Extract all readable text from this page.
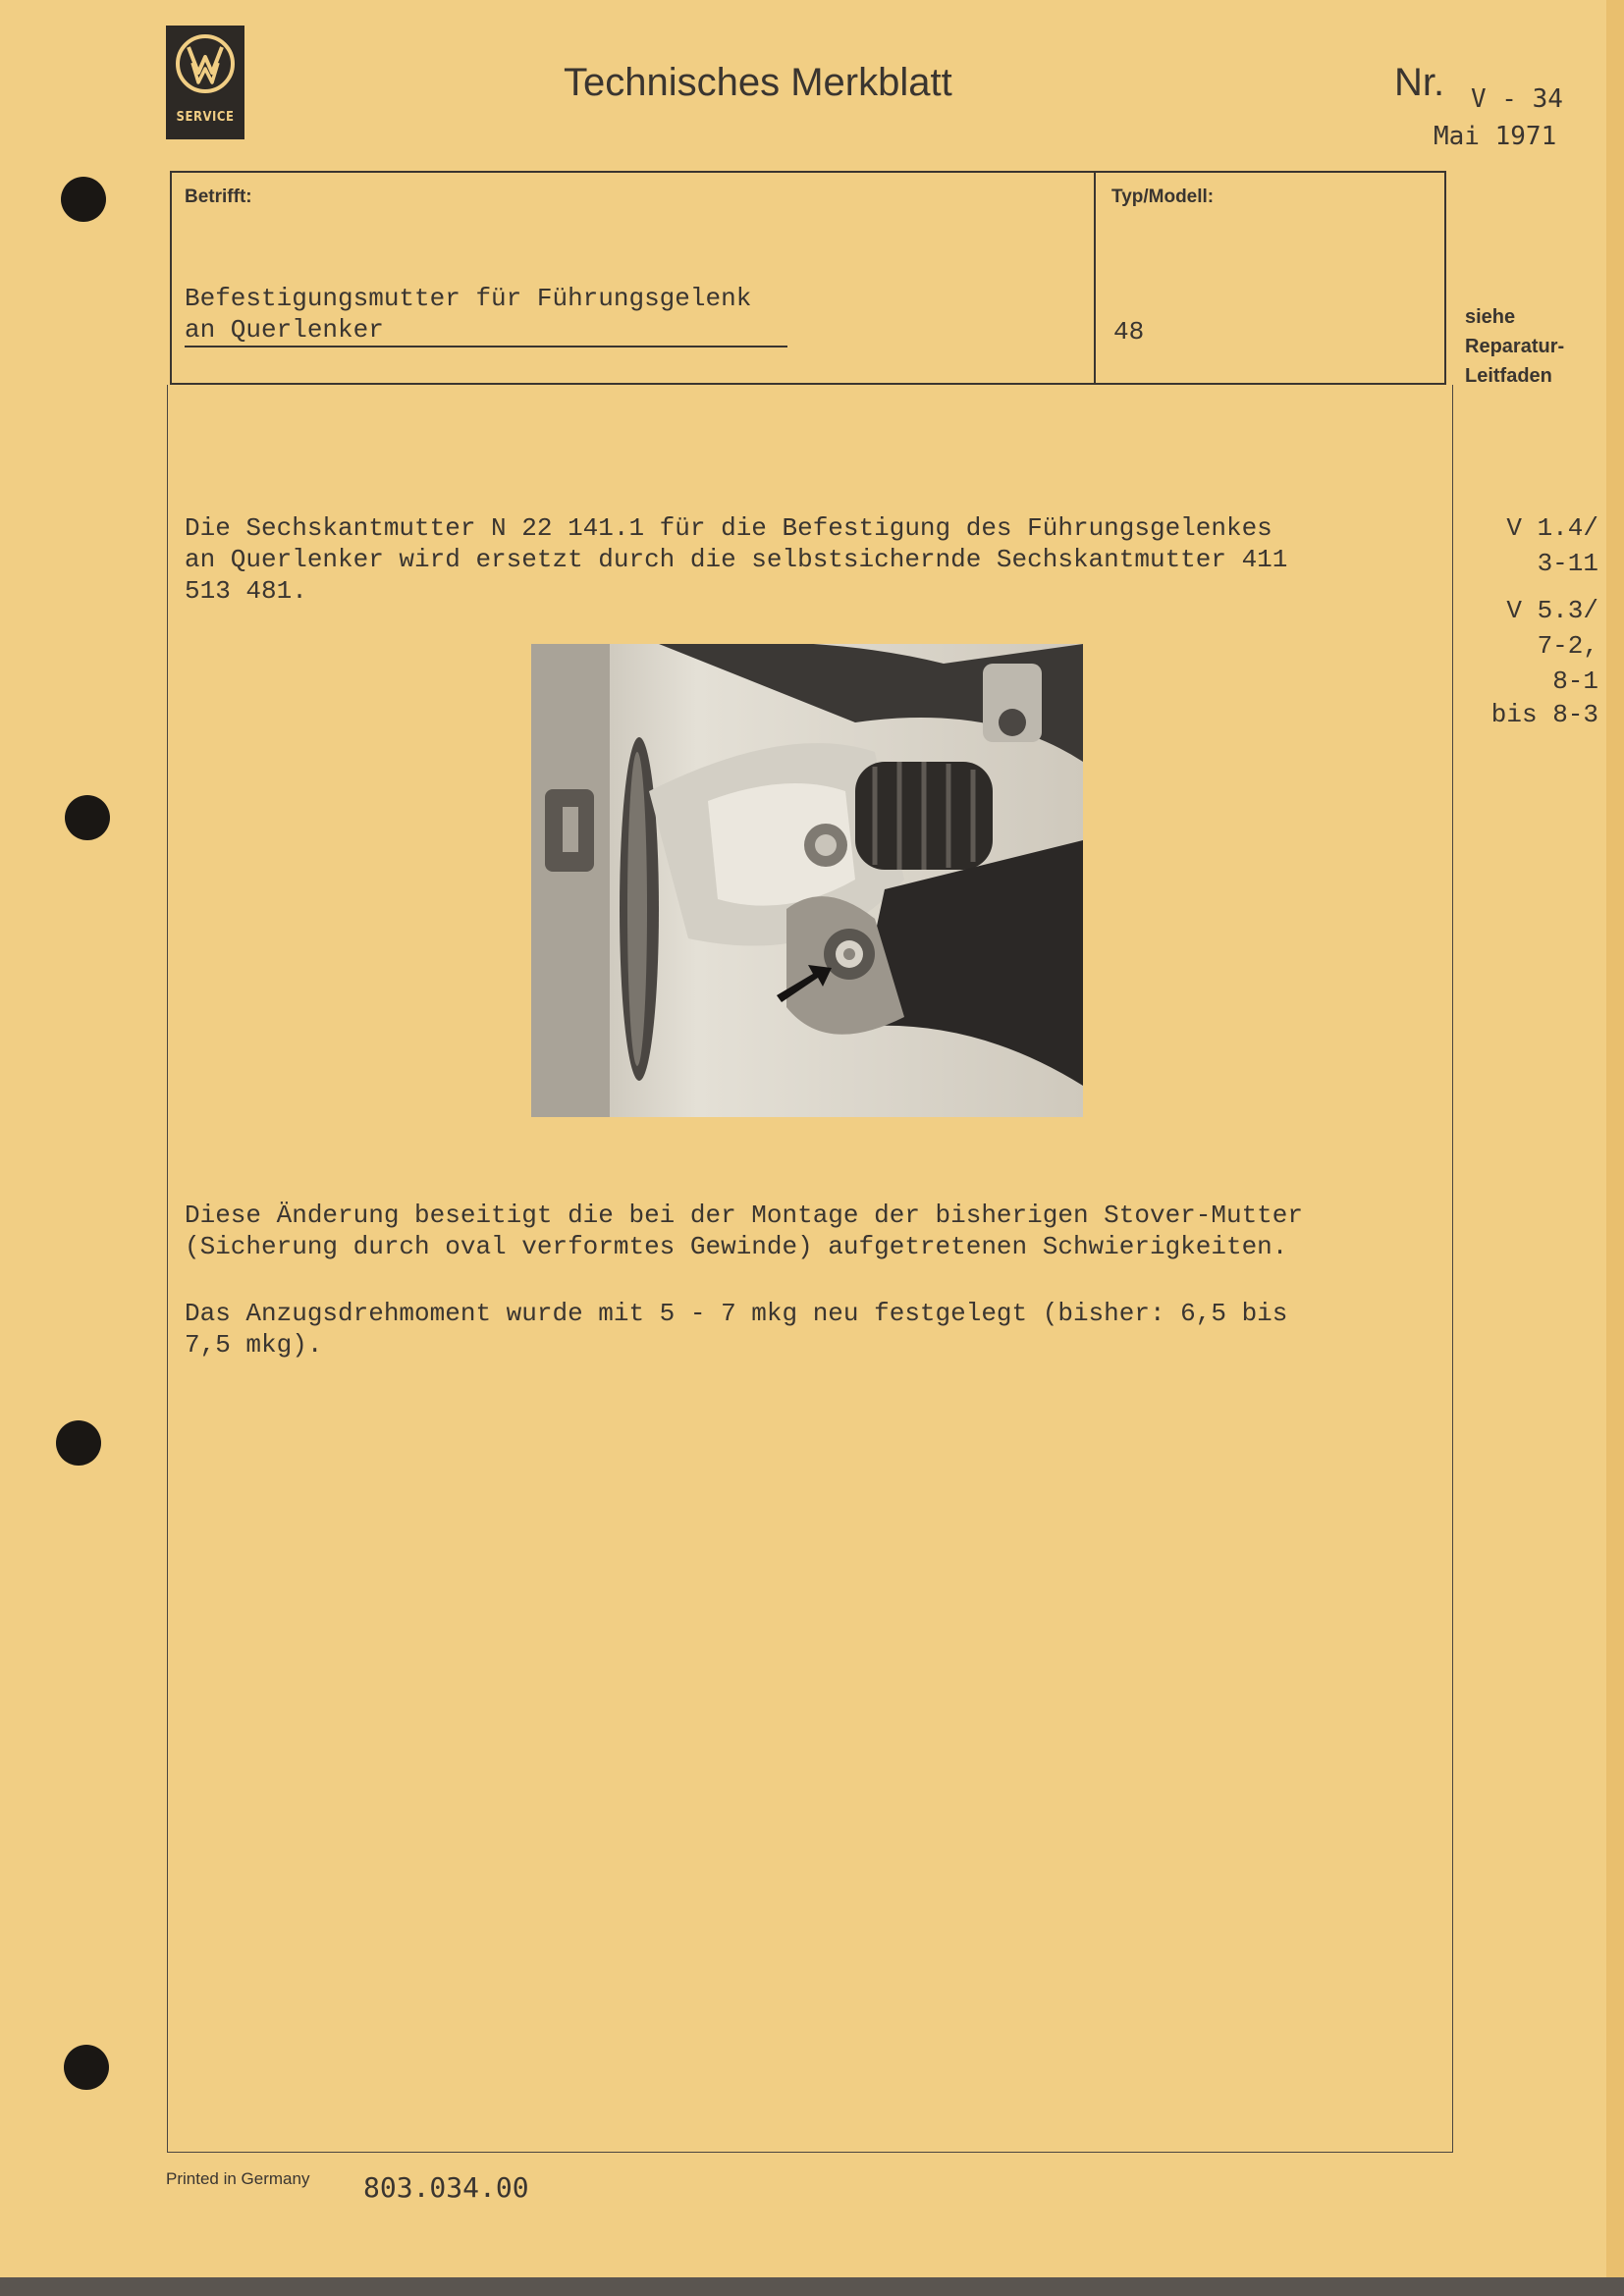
SERVICE
Technisches Merkblatt	Nr. V - 34
Mai 1971
Betrifft:	Typ/Modell:
Befestigungsmutter für Führungsgelenk
an Querlenker	48	siehe
Reparatur-
Leitfaden
V 1.4/
3-11
V 5.3/
7-2,
8-1
bis 8-3
Die Sechskantmutter N 22 141.1 für die Befestigung des Führungsgelenkes
an Querlenker wird ersetzt durch die selbstsichernde Sechskantmutter 411
513 481.
Diese Änderung beseitigt die bei der Montage der bisherigen Stover-Mutter
(Sicherung durch oval verformtes Gewinde) aufgetretenen Schwierigkeiten.
Das Anzugsdrehmoment wurde mit 5 - 7 mkg neu festgelegt (bisher: 6,5 bis
7,5 mkg).
Printed in Germany 803.034.00
